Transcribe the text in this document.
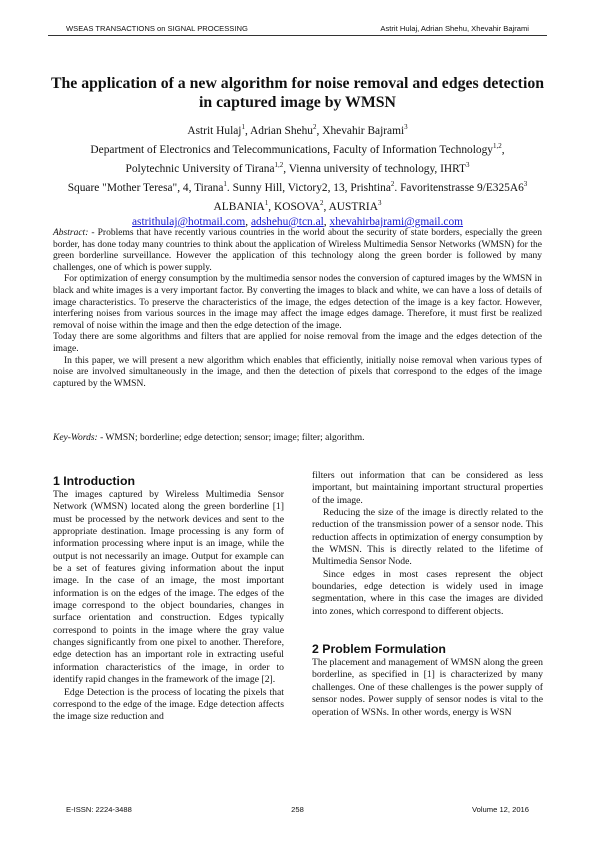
WSEAS TRANSACTIONS on SIGNAL PROCESSING	Astrit Hulaj, Adrian Shehu, Xhevahir Bajrami
The application of a new algorithm for noise removal and edges detection in captured image by WMSN
Astrit Hulaj$^1$, Adrian Shehu$^2$, Xhevahir Bajrami$^3$
Department of Electronics and Telecommunications, Faculty of Information Technology$^{1,2}$,
Polytechnic University of Tirana$^{1,2}$, Vienna university of technology, IHRT$^3$
Square "Mother Teresa", 4, Tirana$^1$. Sunny Hill, Victory2, 13, Prishtina$^2$. Favoritenstrasse $9/E325A6^3$
ALBANIA$^1$, KOSOVA$^2$, AUSTRIA$^3$
astrithulaj@hotmail.com, adshehu@tcn.al, xhevahirbajrami@gmail.com

Abstract: - Problems that have recently various countries in the world about the security of state borders, especially the green border, has done today many countries to think about the application of Wireless Multimedia Sensor Networks (WMSN) for the green borderline surveillance. However the application of this technology along the green border is followed by many challenges, one of which is power supply.

For optimization of energy consumption by the multimedia sensor nodes the conversion of captured images by the WMSN in black and white images is a very important factor. By converting the images to black and white, we can have a loss of details of image characteristics. To preserve the characteristics of the image, the edges detection of the image is a key factor. However, interfering noises from various sources in the image may affect the image edges damage. Therefore, it must first be realized removal of noise within the image and then the edge detection of the image.

Today there are some algorithms and filters that are applied for noise removal from the image and the edges detection of the image.

In this paper, we will present a new algorithm which enables that efficiently, initially noise removal when various types of noise are involved simultaneously in the image, and then the detection of pixels that correspond to the edges of the image captured by the WMSN.

Key-Words: - WMSN; borderline; edge detection; sensor; image; filter; algorithm.
1 Introduction

The images captured by Wireless Multimedia Sensor Network (WMSN) located along the green borderline [1] must be processed by the network devices and sent to the appropriate destination. Image processing is any form of information processing where input is an image, while the output is not necessarily an image. Output for example can be a set of features giving information about the input image. In the case of an image, the most important information is on the edges of the image. The edges of the image correspond to the object boundaries, changes in surface orientation and construction. Edges typically correspond to points in the image where the gray value changes significantly from one pixel to another. Therefore, edge detection has an important role in extracting useful information characteristics of the image, in order to identify rapid changes in the framework of the image [2].

Edge Detection is the process of locating the pixels that correspond to the edge of the image. Edge detection affects the image size reduction and

filters out information that can be considered as less important, but maintaining important structural properties of the image.

Reducing the size of the image is directly related to the reduction of the transmission power of a sensor node. This reduction affects in optimization of energy consumption by the WMSN. This is directly related to the lifetime of Multimedia Sensor Node.

Since edges in most cases represent the object boundaries, edge detection is widely used in image segmentation, where in this case the images are divided into zones, which correspond to different objects.

2 Problem Formulation

The placement and management of WMSN along the green borderline, as specified in [1] is characterized by many challenges. One of these challenges is the power supply of sensor nodes. Power supply of sensor nodes is vital to the operation of WSNs. In other words, energy is WSN

E-ISSN: 2224-3488	258	Volume 12, 2016
